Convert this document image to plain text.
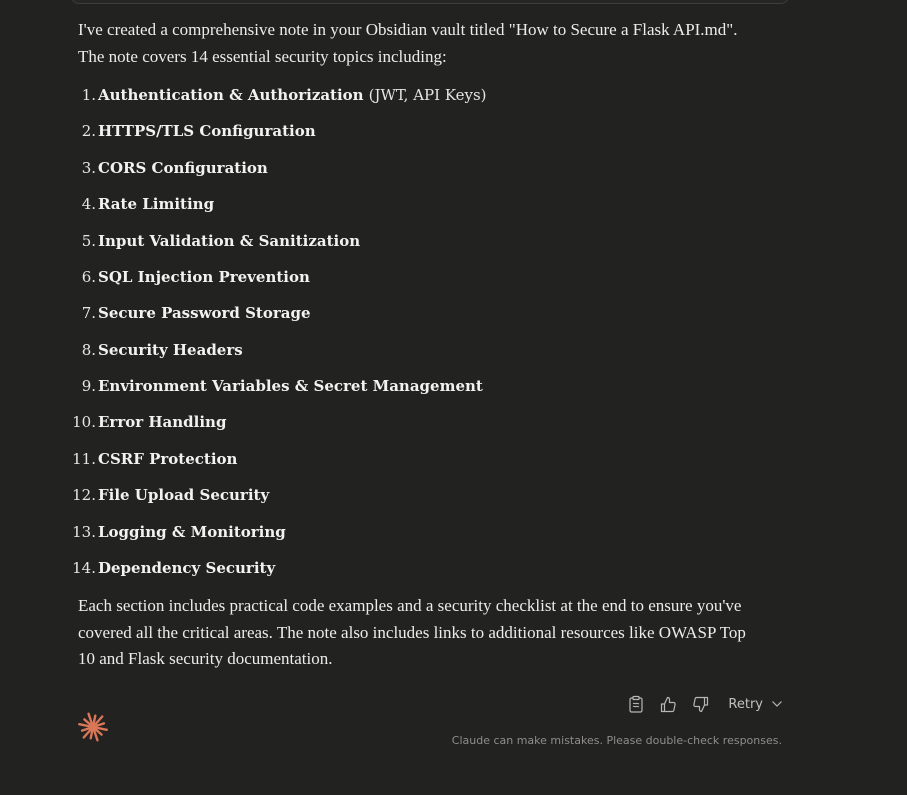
I've created a comprehensive note in your Obsidian vault titled "How to Secure a Flask API.md". The note covers 14 essential security topics including:

1. Authentication & Authorization (JWT, API Keys)
2. HTTPS/TLS Configuration
3. CORS Configuration
4. Rate Limiting
5. Input Validation & Sanitization
6. SQL Injection Prevention
7. Secure Password Storage
8. Security Headers
9. Environment Variables & Secret Management
10. Error Handling
11. CSRF Protection
12. File Upload Security
13. Logging & Monitoring
14. Dependency Security

Each section includes practical code examples and a security checklist at the end to ensure you've covered all the critical areas. The note also includes links to additional resources like OWASP Top 10 and Flask security documentation.

Retry
Claude can make mistakes. Please double-check responses.
